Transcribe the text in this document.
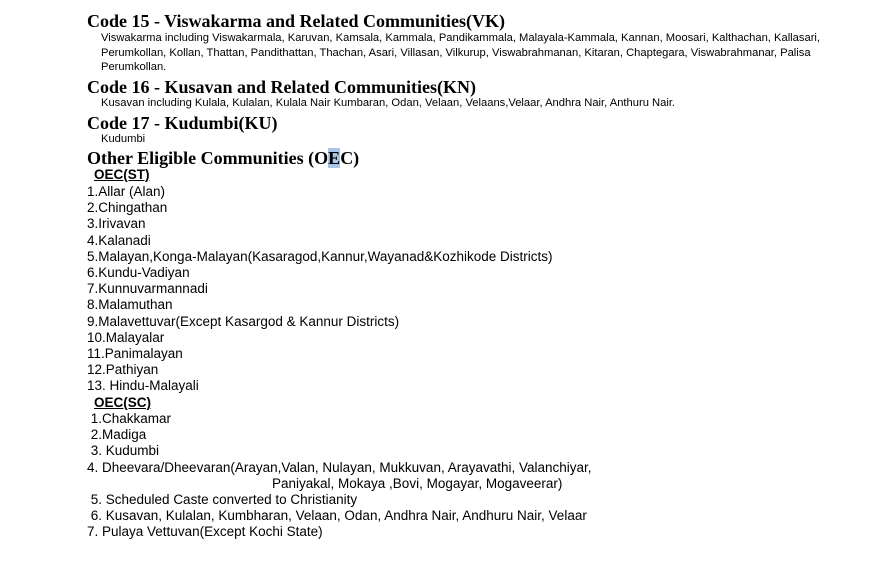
Code 15 - Viswakarma and Related Communities(VK)

Viswakarma including Viswakarmala, Karuvan, Kamsala, Kammala, Pandikammala, Malayala-Kammala, Kannan, Moosari, Kalthachan, Kallasari, Perumkollan, Kollan, Thattan, Pandithattan, Thachan, Asari, Villasan, Vilkurup, Viswabrahmanan, Kitaran, Chaptegara, Viswabrahmanar, Palisa Perumkollan.

Code 16 - Kusavan and Related Communities(KN)

Kusavan including Kulala, Kulalan, Kulala Nair Kumbaran, Odan, Velaan, Velaans,Velaar, Andhra Nair, Anthuru Nair.

Code 17 - Kudumbi(KU)

Kudumbi

Other Eligible Communities (OEC)
OEC(ST)
1.Allar (Alan)
2.Chingathan
3.Irivavan
4.Kalanadi
5.Malayan,Konga-Malayan(Kasaragod,Kannur,Wayanad&Kozhikode Districts)
6.Kundu-Vadiyan
7.Kunnuvarmannadi
8.Malamuthan
9.Malavettuvar(Except Kasargod & Kannur Districts)
10.Malayalar
11.Panimalayan
12.Pathiyan
13. Hindu-Malayali
OEC(SC)
1.Chakkamar
2.Madiga
3. Kudumbi
4. Dheevara/Dheevaran(Arayan,Valan, Nulayan, Mukkuvan, Arayavathi, Valanchiyar,
Paniyakal, Mokaya ,Bovi, Mogayar, Mogaveerar)
5. Scheduled Caste converted to Christianity
6. Kusavan, Kulalan, Kumbharan, Velaan, Odan, Andhra Nair, Andhuru Nair, Velaar
7. Pulaya Vettuvan(Except Kochi State)
